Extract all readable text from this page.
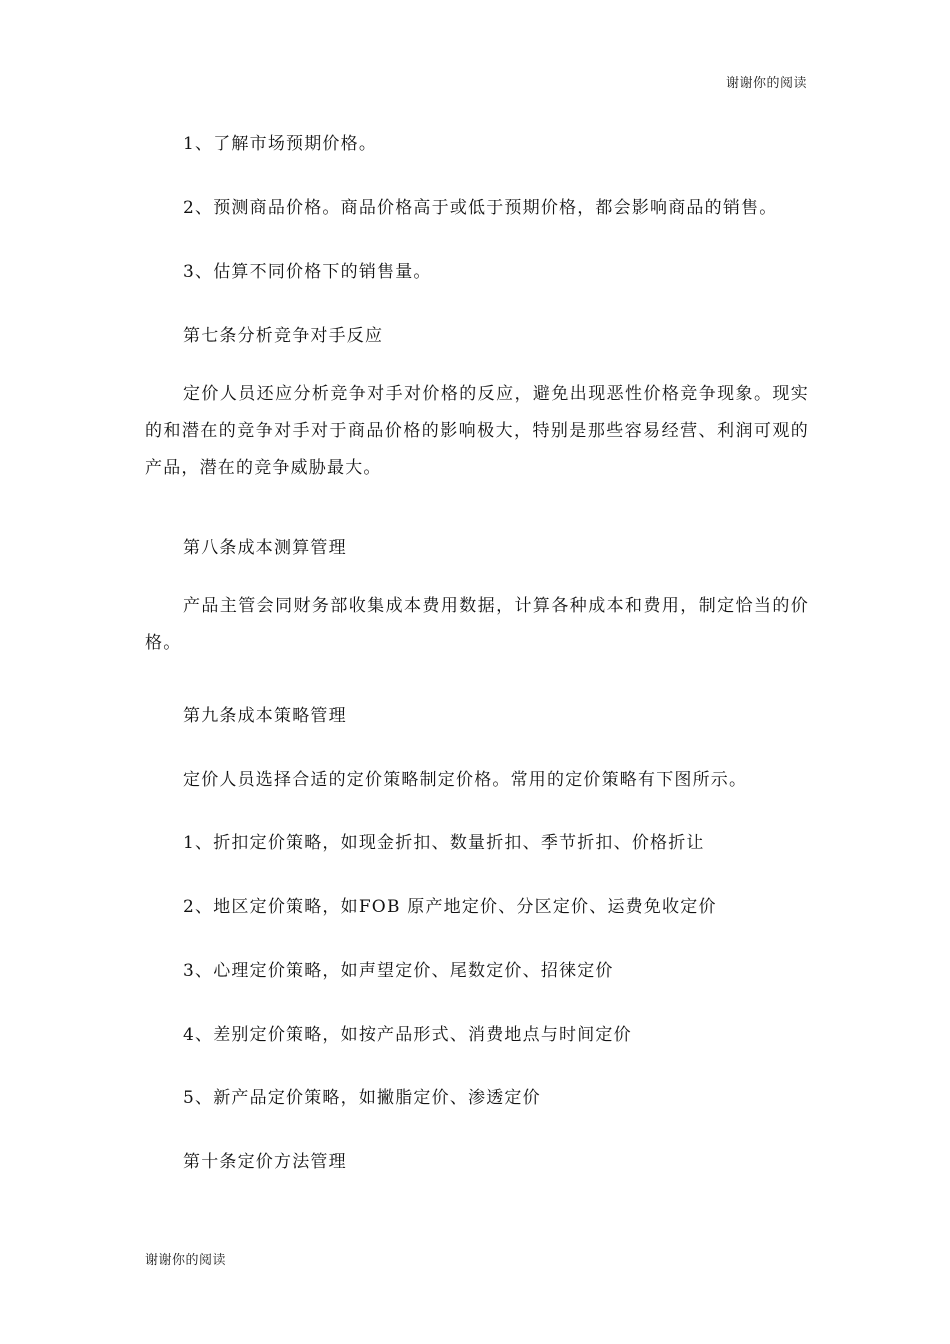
谢谢你的阅读
1、了解市场预期价格。
2、预测商品价格。商品价格高于或低于预期价格，都会影响商品的销售。
3、估算不同价格下的销售量。
第七条分析竞争对手反应
定价人员还应分析竞争对手对价格的反应，避免出现恶性价格竞争现象。现实的和潜在的竞争对手对于商品价格的影响极大，特别是那些容易经营、利润可观的产品，潜在的竞争威胁最大。
第八条成本测算管理
产品主管会同财务部收集成本费用数据，计算各种成本和费用，制定恰当的价格。
第九条成本策略管理
定价人员选择合适的定价策略制定价格。常用的定价策略有下图所示。
1、折扣定价策略，如现金折扣、数量折扣、季节折扣、价格折让
2、地区定价策略，如FOB 原产地定价、分区定价、运费免收定价
3、心理定价策略，如声望定价、尾数定价、招徕定价
4、差别定价策略，如按产品形式、消费地点与时间定价
5、新产品定价策略，如撇脂定价、渗透定价
第十条定价方法管理
谢谢你的阅读
